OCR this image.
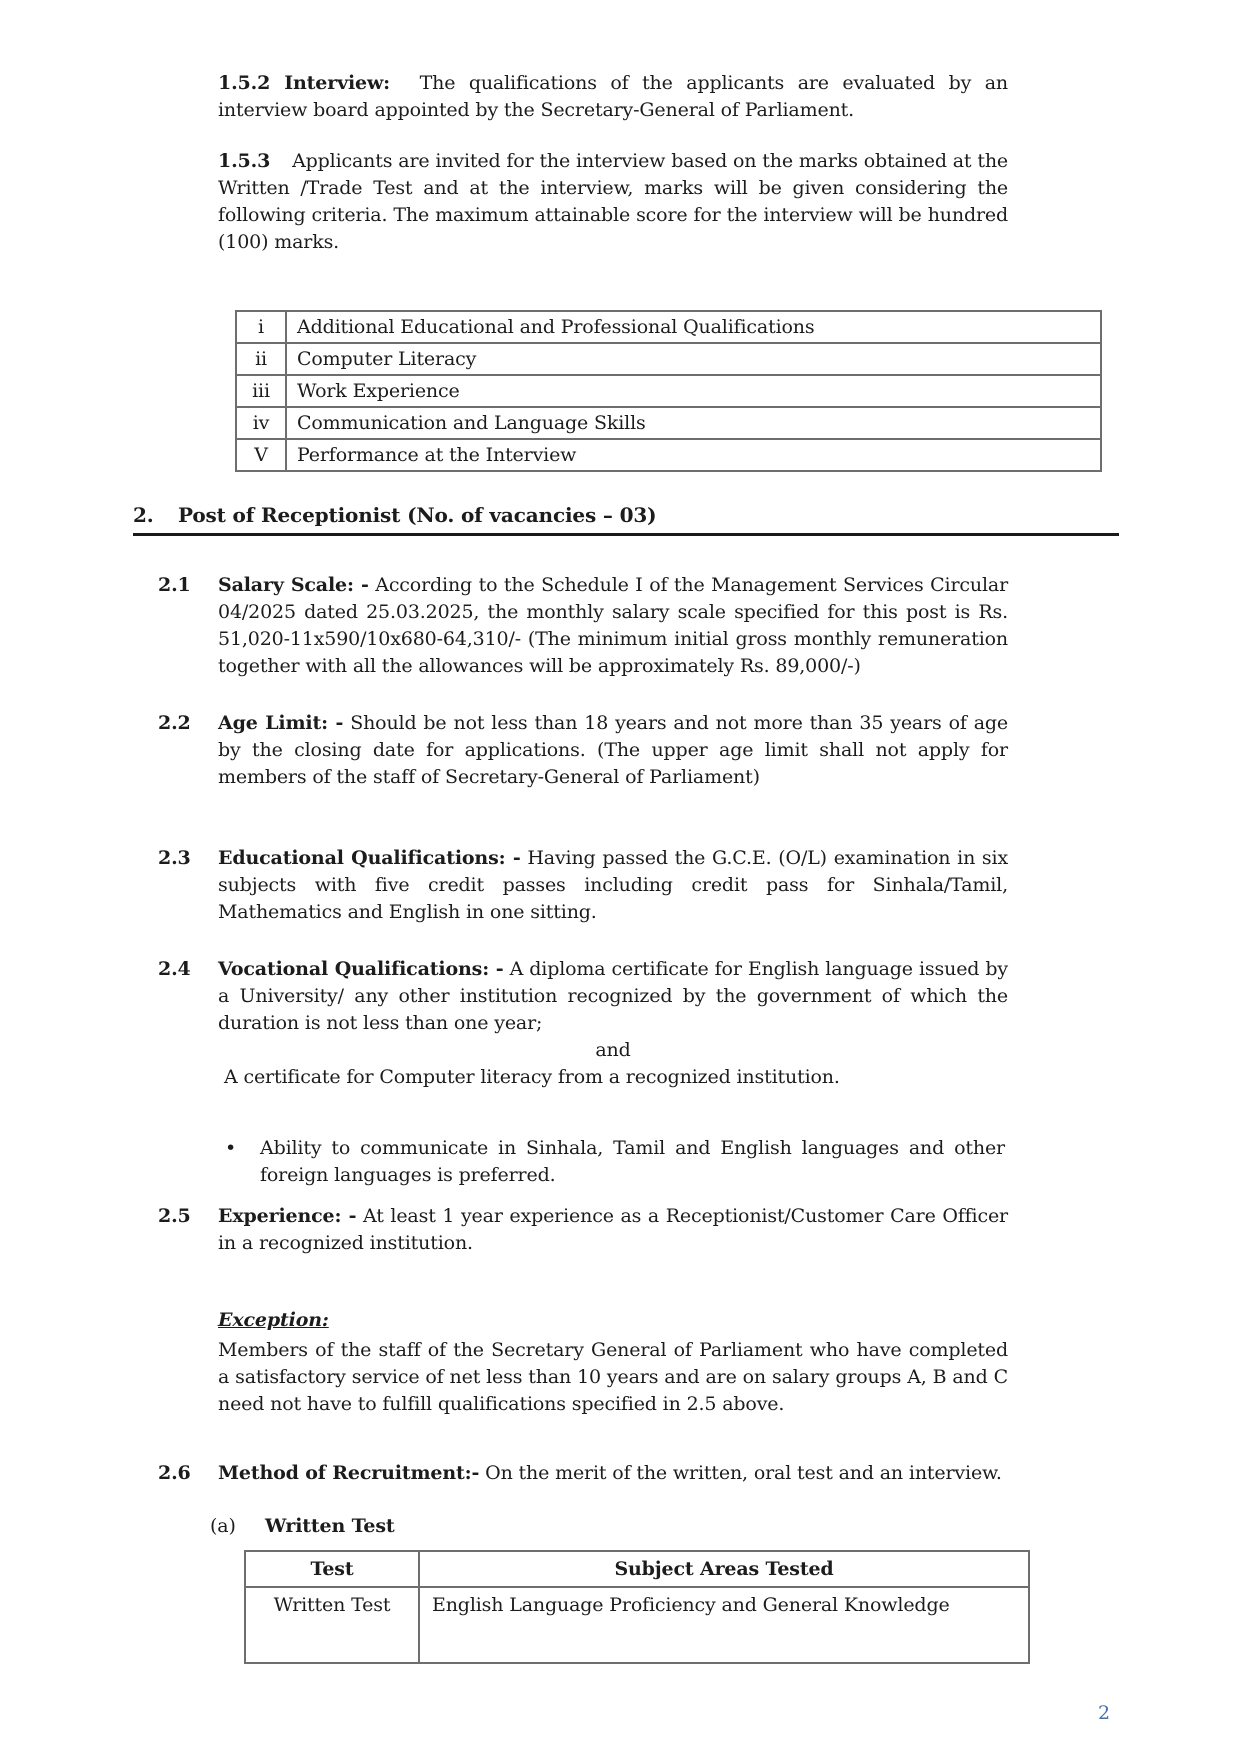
1.5.2 Interview: The qualifications of the applicants are evaluated by an interview board appointed by the Secretary-General of Parliament.
1.5.3 Applicants are invited for the interview based on the marks obtained at the Written /Trade Test and at the interview, marks will be given considering the following criteria. The maximum attainable score for the interview will be hundred (100) marks.
i	Additional Educational and Professional Qualifications
ii	Computer Literacy
iii	Work Experience
iv	Communication and Language Skills
V	Performance at the Interview
2. Post of Receptionist (No. of vacancies – 03)
2.1	Salary Scale: - According to the Schedule I of the Management Services Circular 04/2025 dated 25.03.2025, the monthly salary scale specified for this post is Rs. 51,020-11x590/10x680-64,310/- (The minimum initial gross monthly remuneration together with all the allowances will be approximately Rs. 89,000/-)
2.2	Age Limit: - Should be not less than 18 years and not more than 35 years of age by the closing date for applications. (The upper age limit shall not apply for members of the staff of Secretary-General of Parliament)
2.3	Educational Qualifications: - Having passed the G.C.E. (O/L) examination in six subjects with five credit passes including credit pass for Sinhala/Tamil, Mathematics and English in one sitting.
2.4	Vocational Qualifications: - A diploma certificate for English language issued by a University/ any other institution recognized by the government of which the duration is not less than one year;
and
A certificate for Computer literacy from a recognized institution.
•	Ability to communicate in Sinhala, Tamil and English languages and other foreign languages is preferred.
2.5	Experience: - At least 1 year experience as a Receptionist/Customer Care Officer in a recognized institution.
Exception:
Members of the staff of the Secretary General of Parliament who have completed a satisfactory service of net less than 10 years and are on salary groups A, B and C need not have to fulfill qualifications specified in 2.5 above.
2.6	Method of Recruitment:- On the merit of the written, oral test and an interview.
(a) Written Test
Test	Subject Areas Tested
Written Test	English Language Proficiency and General Knowledge
2
